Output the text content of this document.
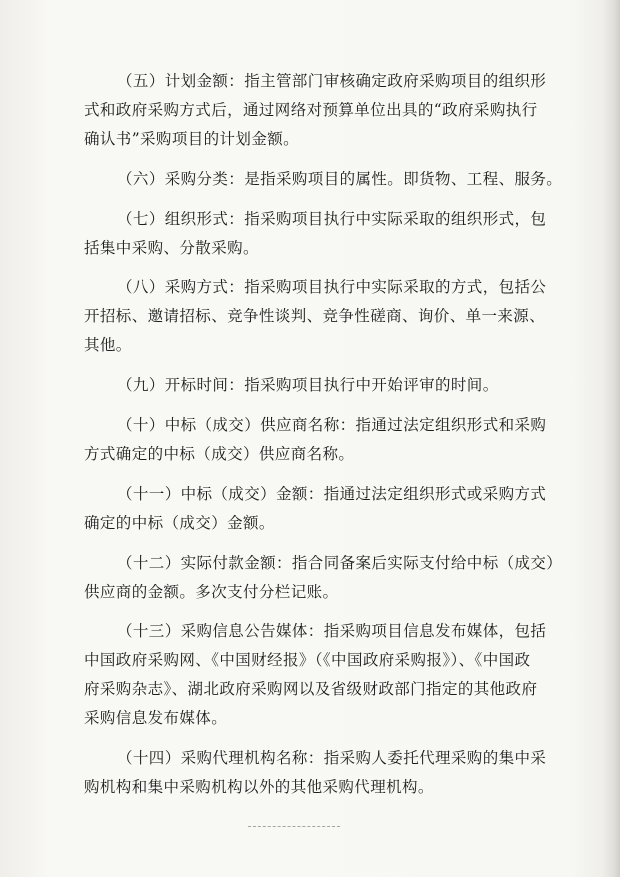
（五）计划金额：指主管部门审核确定政府采购项目的组织形
式和政府采购方式后，通过网络对预算单位出具的“政府采购执行
确认书”采购项目的计划金额。

（六）采购分类：是指采购项目的属性。即货物、工程、服务。

（七）组织形式：指采购项目执行中实际采取的组织形式，包
括集中采购、分散采购。

（八）采购方式：指采购项目执行中实际采取的方式，包括公
开招标、邀请招标、竞争性谈判、竞争性磋商、询价、单一来源、
其他。

（九）开标时间：指采购项目执行中开始评审的时间。

（十）中标（成交）供应商名称：指通过法定组织形式和采购
方式确定的中标（成交）供应商名称。

（十一）中标（成交）金额：指通过法定组织形式或采购方式
确定的中标（成交）金额。

（十二）实际付款金额：指合同备案后实际支付给中标（成交）
供应商的金额。多次支付分栏记账。

（十三）采购信息公告媒体：指采购项目信息发布媒体，包括
中国政府采购网、《中国财经报》（《中国政府采购报》）、《中国政
府采购杂志》、湖北政府采购网以及省级财政部门指定的其他政府
采购信息发布媒体。

（十四）采购代理机构名称：指采购人委托代理采购的集中采
购机构和集中采购机构以外的其他采购代理机构。
